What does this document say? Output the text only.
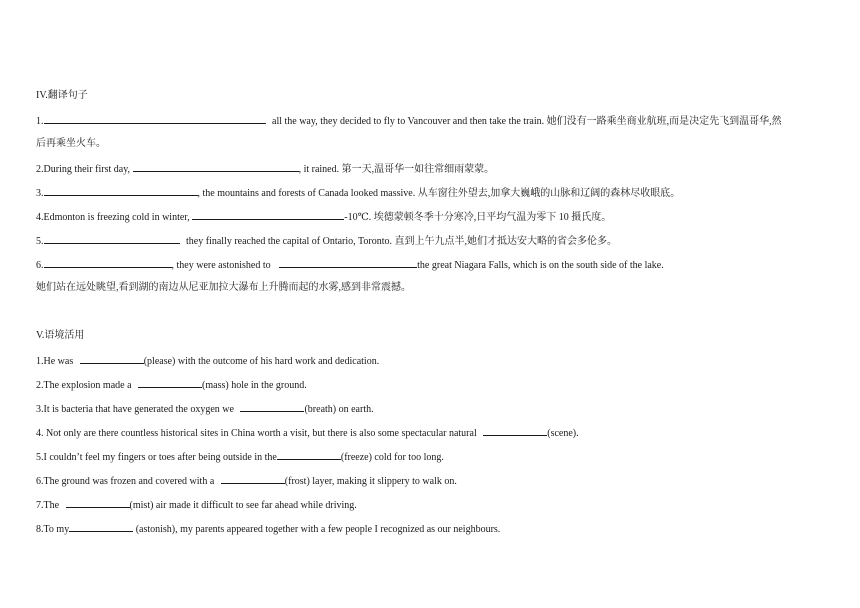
IV.翻译句子
1.	all the way, they decided to fly to Vancouver and then take the train. 她们没有一路乘坐商业航班,而是决定先飞到温哥华,然
后再乘坐火车。
2.During their first day,	, it rained. 第一天,温哥华一如往常细雨蒙蒙。
3.	, the mountains and forests of Canada looked massive. 从车窗往外望去,加拿大巍峨的山脉和辽阔的森林尽收眼底。
4.Edmonton is freezing cold in winter,	-10℃. 埃德蒙顿冬季十分寒冷,日平均气温为零下 10 摄氏度。
5.	they finally reached the capital of Ontario, Toronto. 直到上午九点半,她们才抵达安大略的省会多伦多。
6.	, they were astonished to	the great Niagara Falls, which is on the south side of the lake.
她们站在远处眺望,看到湖的南边从尼亚加拉大瀑布上升腾而起的水雾,感到非常震撼。
V.语境活用
1.He was	(please) with the outcome of his hard work and dedication.
2.The explosion made a	(mass) hole in the ground.
3.It is bacteria that have generated the oxygen we	(breath) on earth.
4. Not only are there countless historical sites in China worth a visit, but there is also some spectacular natural	(scene).
5.I couldn’t feel my fingers or toes after being outside in the	(freeze) cold for too long.
6.The ground was frozen and covered with a	(frost) layer, making it slippery to walk on.
7.The	(mist) air made it difficult to see far ahead while driving.
8.To my	(astonish), my parents appeared together with a few people I recognized as our neighbours.
